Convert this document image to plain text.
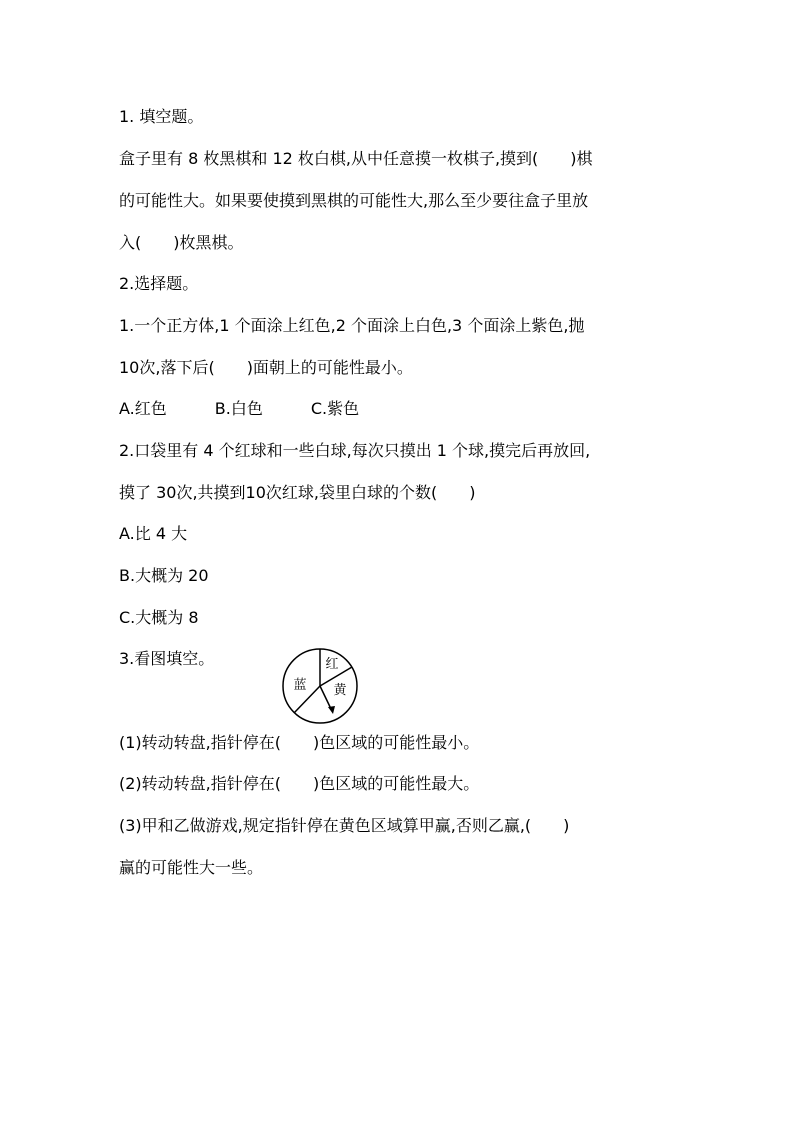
1. 填空题。
盒子里有 8 枚黑棋和 12 枚白棋,从中任意摸一枚棋子,摸到(　　)棋
的可能性大。如果要使摸到黑棋的可能性大,那么至少要往盒子里放
入(　　)枚黑棋。
2.选择题。
1.一个正方体,1 个面涂上红色,2 个面涂上白色,3 个面涂上紫色,抛
10次,落下后(　　)面朝上的可能性最小。
A.红色　　　B.白色　　　C.紫色
2.口袋里有 4 个红球和一些白球,每次只摸出 1 个球,摸完后再放回,
摸了 30次,共摸到10次红球,袋里白球的个数(　　)
A.比 4 大
B.大概为 20
C.大概为 8
3.看图填空。
蓝
红
黄
(1)转动转盘,指针停在(　　)色区域的可能性最小。
(2)转动转盘,指针停在(　　)色区域的可能性最大。
(3)甲和乙做游戏,规定指针停在黄色区域算甲赢,否则乙赢,(　　)
赢的可能性大一些。
